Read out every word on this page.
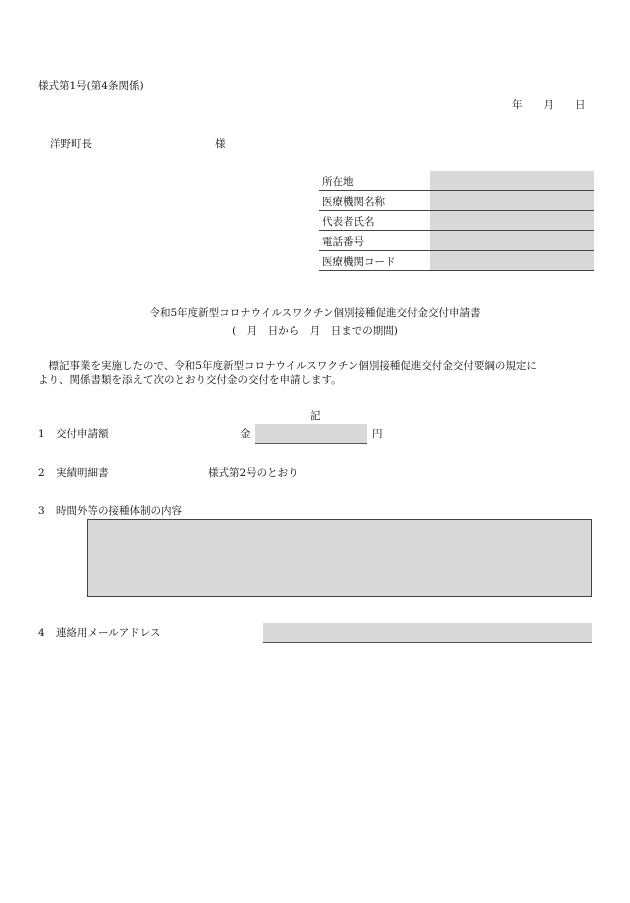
様式第1号(第4条関係)
年　　月　　日
洋野町長	様
所在地	
医療機関名称	
代表者氏名	
電話番号	
医療機関コード	
令和5年度新型コロナウイルスワクチン個別接種促進交付金交付申請書
(　月　日から　月　日までの期間)
　標記事業を実施したので、令和5年度新型コロナウイルスワクチン個別接種促進交付金交付要綱の規定に
より、関係書類を添えて次のとおり交付金の交付を申請します。
記
1 交付申請額	金	円
2 実績明細書	様式第2号のとおり
3 時間外等の接種体制の内容
4 連絡用メールアドレス
